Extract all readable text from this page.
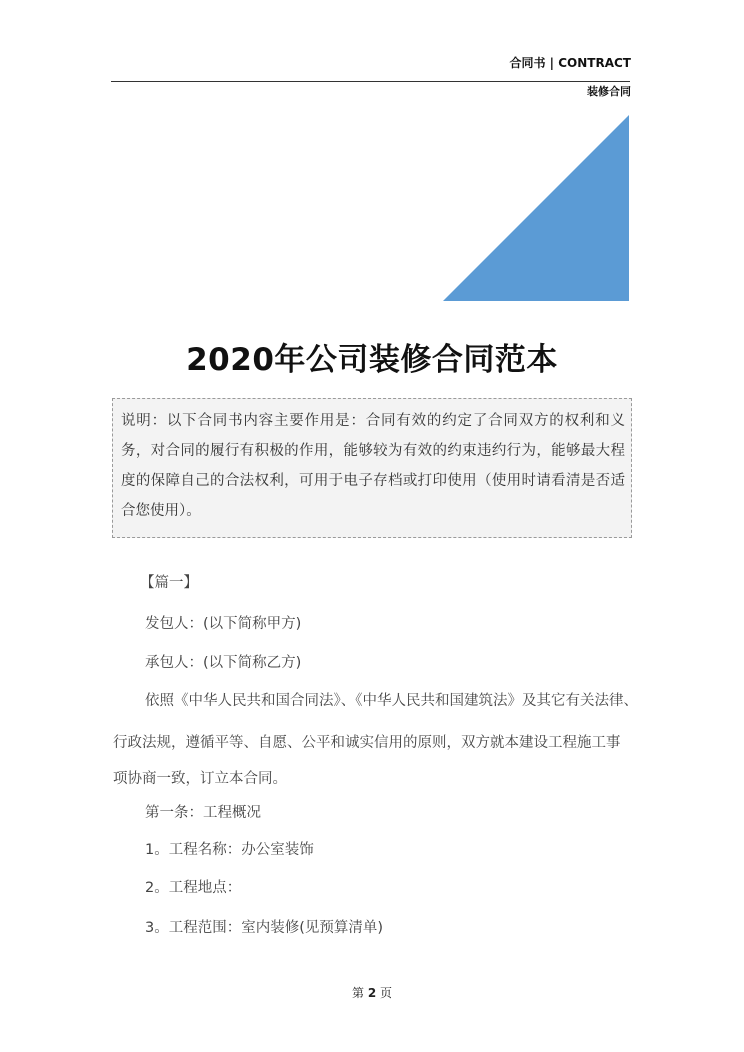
合同书 | CONTRACT
装修合同
2020年公司装修合同范本
说明：以下合同书内容主要作用是：合同有效的约定了合同双方的权利和义务，对合同的履行有积极的作用，能够较为有效的约束违约行为，能够最大程度的保障自己的合法权利，可用于电子存档或打印使用（使用时请看清是否适合您使用）。
【篇一】
发包人：(以下简称甲方)
承包人：(以下简称乙方)
依照《中华人民共和国合同法》、《中华人民共和国建筑法》及其它有关法律、
行政法规，遵循平等、自愿、公平和诚实信用的原则，双方就本建设工程施工事
项协商一致，订立本合同。
第一条：工程概况
1。工程名称：办公室装饰
2。工程地点：
3。工程范围：室内装修(见预算清单)
第 2 页
